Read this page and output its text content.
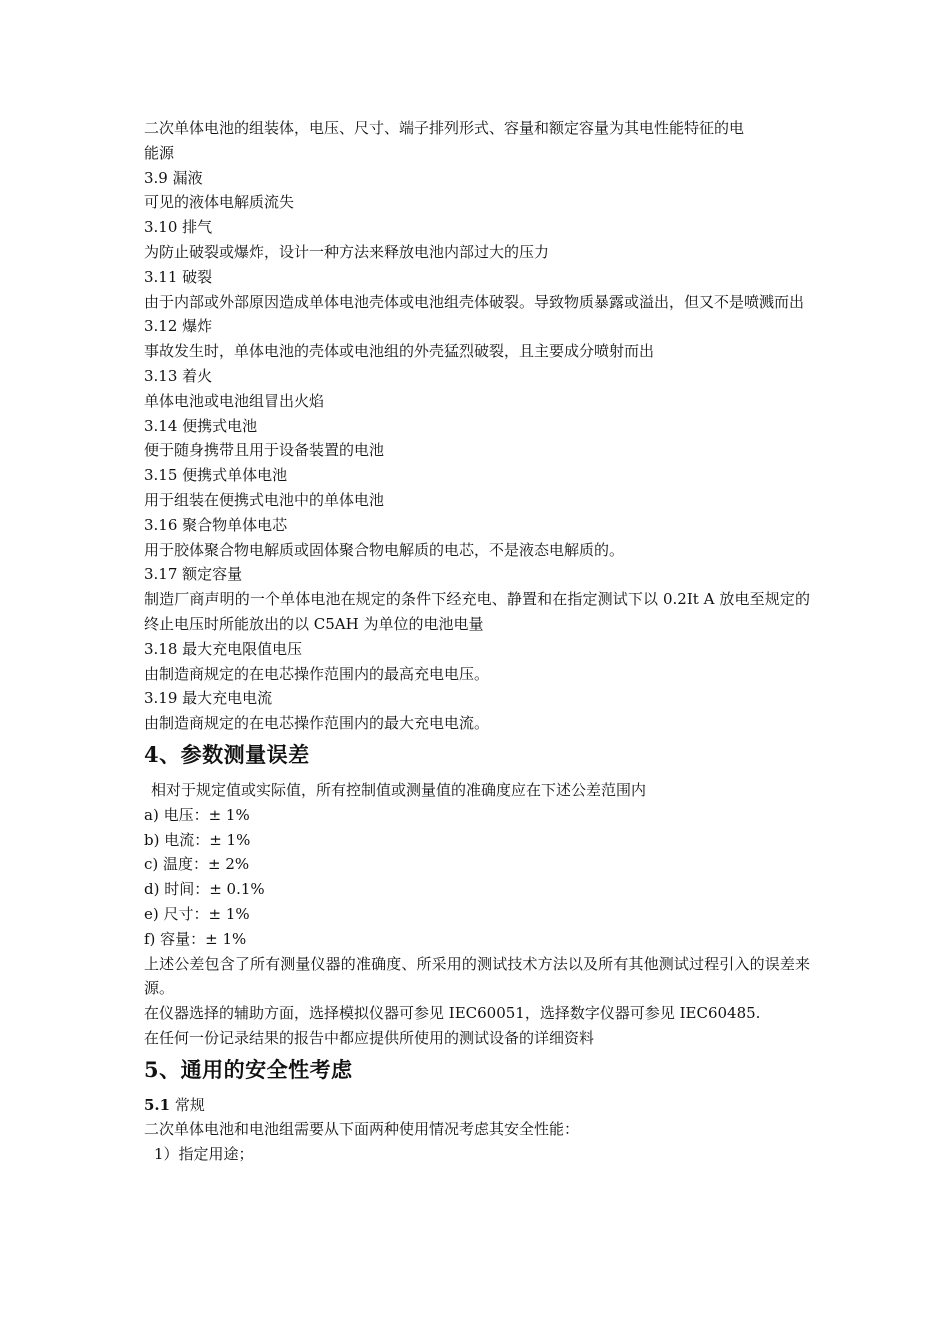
二次单体电池的组装体，电压、尺寸、端子排列形式、容量和额定容量为其电性能特征的电

能源

3.9 漏液

可见的液体电解质流失

3.10 排气

为防止破裂或爆炸，设计一种方法来释放电池内部过大的压力

3.11 破裂

由于内部或外部原因造成单体电池壳体或电池组壳体破裂。导致物质暴露或溢出，但又不是喷溅而出

3.12 爆炸

事故发生时，单体电池的壳体或电池组的外壳猛烈破裂，且主要成分喷射而出

3.13 着火

单体电池或电池组冒出火焰

3.14 便携式电池

便于随身携带且用于设备装置的电池

3.15 便携式单体电池

用于组装在便携式电池中的单体电池

3.16 聚合物单体电芯

用于胶体聚合物电解质或固体聚合物电解质的电芯，不是液态电解质的。

3.17 额定容量

制造厂商声明的一个单体电池在规定的条件下经充电、静置和在指定测试下以 0.2It A 放电至规定的终止电压时所能放出的以 C5AH 为单位的电池电量

3.18 最大充电限值电压

由制造商规定的在电芯操作范围内的最高充电电压。

3.19 最大充电电流

由制造商规定的在电芯操作范围内的最大充电电流。

4、参数测量误差

相对于规定值或实际值，所有控制值或测量值的准确度应在下述公差范围内

a) 电压：± 1%

b) 电流：± 1%

c) 温度：± 2%

d) 时间：± 0.1%

e) 尺寸：± 1%

f) 容量：± 1%

上述公差包含了所有测量仪器的准确度、所采用的测试技术方法以及所有其他测试过程引入的误差来源。

在仪器选择的辅助方面，选择模拟仪器可参见 IEC60051，选择数字仪器可参见 IEC60485.

在任何一份记录结果的报告中都应提供所使用的测试设备的详细资料

5、通用的安全性考虑

5.1 常规

二次单体电池和电池组需要从下面两种使用情况考虑其安全性能：

1）指定用途；
